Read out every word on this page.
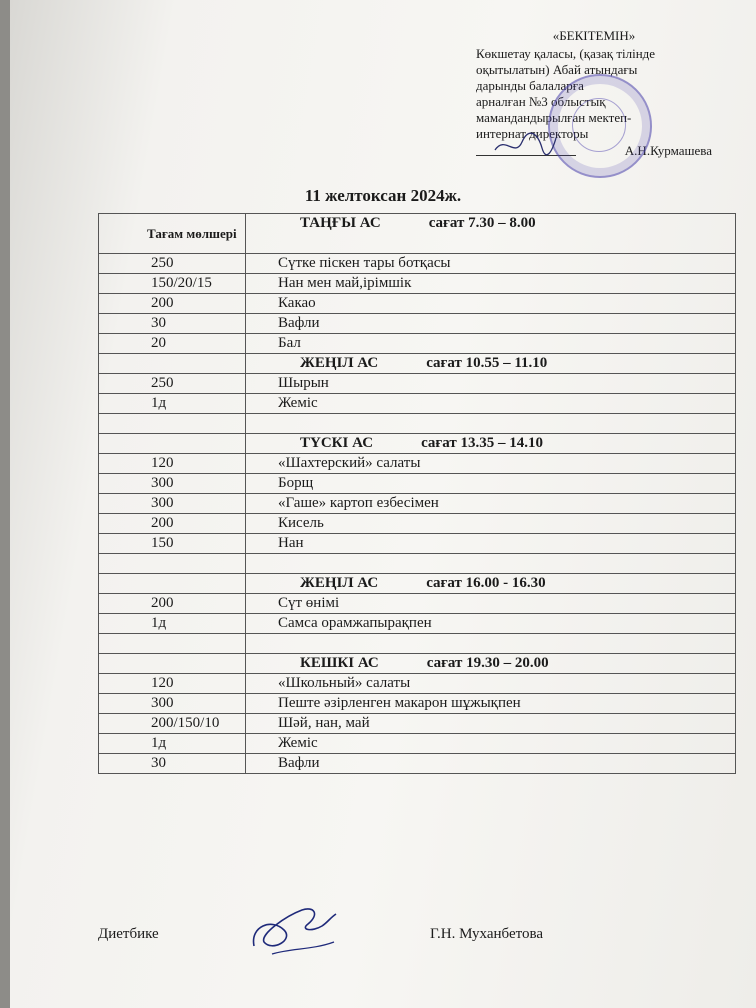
«БЕКІТЕМІН»
Көкшетау қаласы, (қазақ тілінде
оқытылатын) Абай атындағы
дарынды балаларға
арналған №3 облыстық
мамандандырылған мектеп-
интернат директоры
А.Н.Курмашева
11 желтоксан 2024ж.
Тағам мөлшері	ТАҢҒЫ АС сағат 7.30 – 8.00
250	Сүтке піскен тары ботқасы
150/20/15	Нан мен май,ірімшік
200	Какао
30	Вафли
20	Бал
	ЖЕҢІЛ АС сағат 10.55 – 11.10
250	Шырын
1д	Жеміс

	ТҮСКІ АС сағат 13.35 – 14.10
120	«Шахтерский» салаты
300	Борщ
300	«Гаше» картоп езбесімен
200	Кисель
150	Нан

	ЖЕҢІЛ АС сағат 16.00 - 16.30
200	Сүт өнімі
1д	Самса орамжапырақпен

	КЕШКІ АС сағат 19.30 – 20.00
120	«Школьный» салаты
300	Пеште әзірленген макарон шұжықпен
200/150/10	Шәй, нан, май
1д	Жеміс
30	Вафли
Диетбике	Г.Н. Муханбетова
